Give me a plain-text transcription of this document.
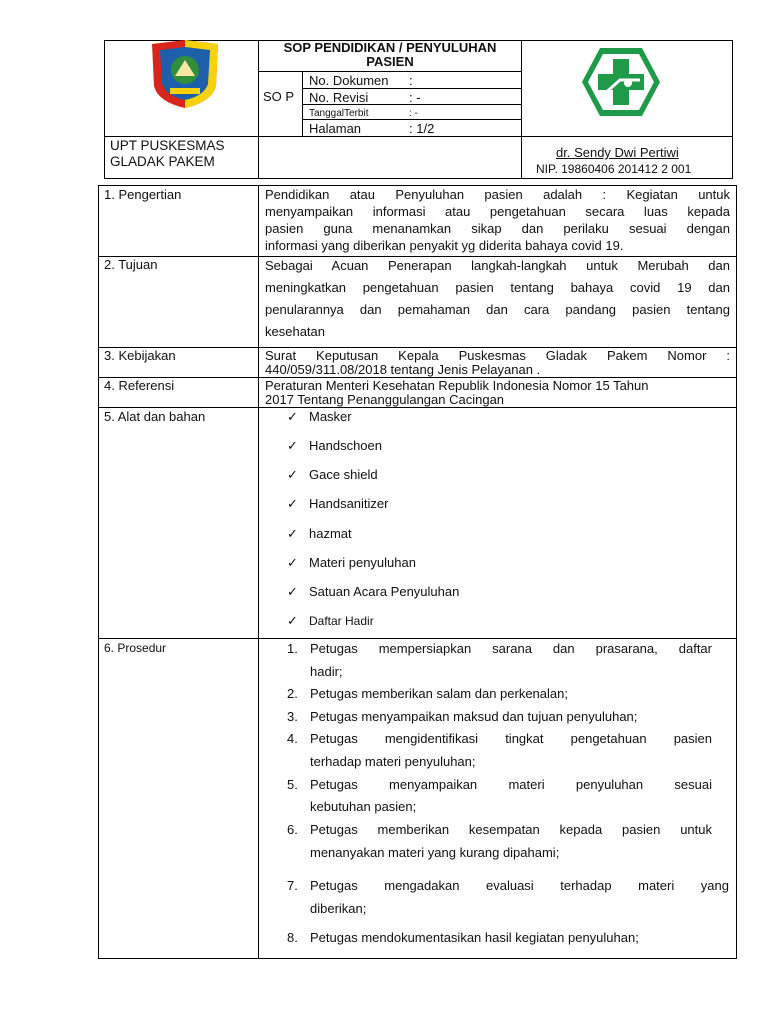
SOP PENDIDIKAN / PENYULUHAN PASIEN
SO P
No. Dokumen :
No. Revisi	: -
TanggalTerbit	: -
Halaman	: 1/2
UPT PUSKESMAS
GLADAK PAKEM
dr. Sendy Dwi Pertiwi
NIP. 19860406 201412 2 001
1. Pengertian	Pendidikan atau Penyuluhan pasien adalah : Kegiatan untuk
menyampaikan informasi atau pengetahuan secara luas kepada
pasien guna menanamkan sikap dan perilaku sesuai dengan
informasi yang diberikan penyakit yg diderita bahaya covid 19.
2. Tujuan	Sebagai Acuan Penerapan langkah-langkah untuk Merubah dan
meningkatkan pengetahuan pasien tentang bahaya covid 19 dan
penularannya dan pemahaman dan cara pandang pasien tentang
kesehatan
3. Kebijakan	Surat Keputusan Kepala Puskesmas Gladak Pakem Nomor :
440/059/311.08/2018 tentang Jenis Pelayanan .
4. Referensi	Peraturan Menteri Kesehatan Republik Indonesia Nomor 15 Tahun
2017 Tentang Penanggulangan Cacingan
5. Alat dan bahan	✓ Masker
✓ Handschoen
✓ Gace shield
✓ Handsanitizer
✓ hazmat
✓ Materi penyuluhan
✓ Satuan Acara Penyuluhan
✓ Daftar Hadir
6. Prosedur	1. Petugas mempersiapkan sarana dan prasarana, daftar
hadir;
2. Petugas memberikan salam dan perkenalan;
3. Petugas menyampaikan maksud dan tujuan penyuluhan;
4. Petugas mengidentifikasi tingkat pengetahuan pasien
terhadap materi penyuluhan;
5. Petugas menyampaikan materi penyuluhan sesuai
kebutuhan pasien;
6. Petugas memberikan kesempatan kepada pasien untuk
menanyakan materi yang kurang dipahami;
7. Petugas mengadakan evaluasi terhadap materi yang
diberikan;
8. Petugas mendokumentasikan hasil kegiatan penyuluhan;
